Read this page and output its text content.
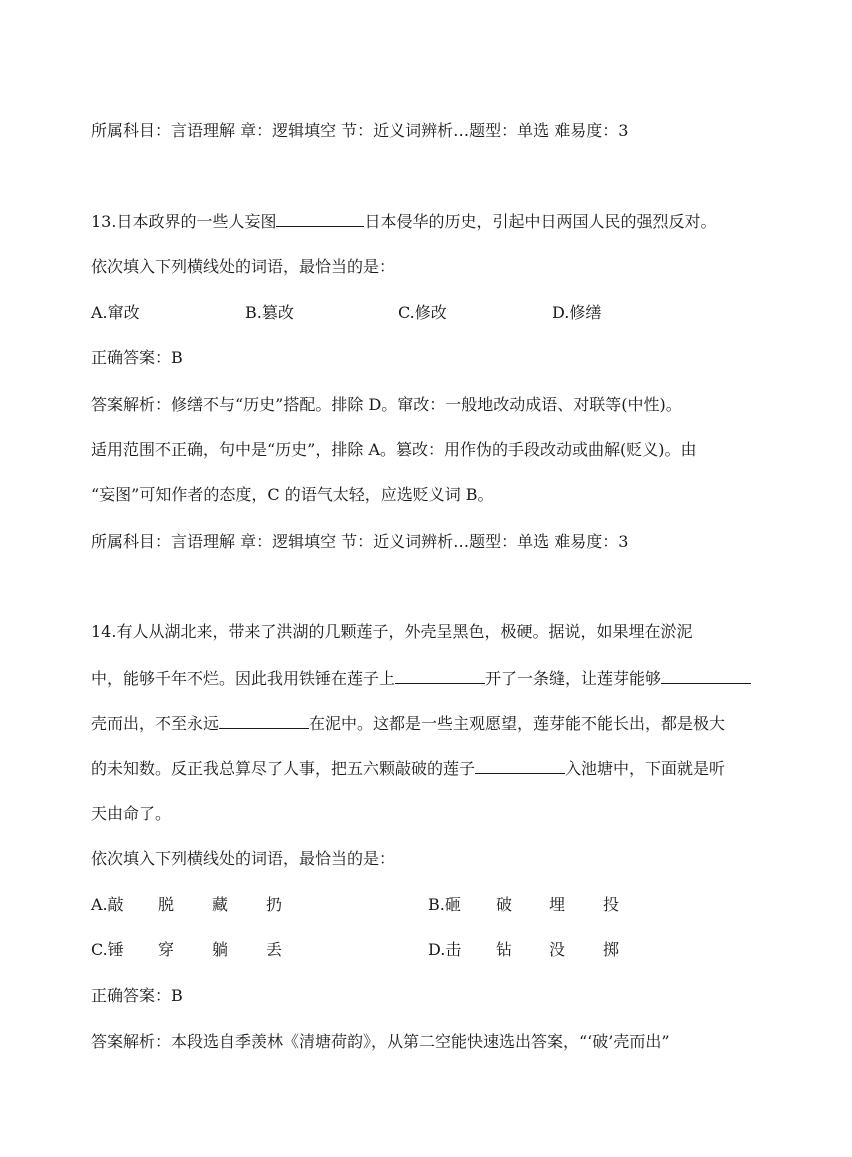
所属科目：言语理解 章：逻辑填空 节：近义词辨析…题型：单选 难易度：3
13.日本政界的一些人妄图	日本侵华的历史，引起中日两国人民的强烈反对。
依次填入下列横线处的词语，最恰当的是：
A.窜改	B.篡改	C.修改	D.修缮
正确答案：B
答案解析：修缮不与“历史”搭配。排除 D。窜改：一般地改动成语、对联等(中性)。
适用范围不正确，句中是“历史”，排除 A。篡改：用作伪的手段改动或曲解(贬义)。由
“妄图”可知作者的态度，C 的语气太轻，应选贬义词 B。
所属科目：言语理解 章：逻辑填空 节：近义词辨析…题型：单选 难易度：3
14.有人从湖北来，带来了洪湖的几颗莲子，外壳呈黑色，极硬。据说，如果埋在淤泥
中，能够千年不烂。因此我用铁锤在莲子上	开了一条缝，让莲芽能够
壳而出，不至永远	在泥中。这都是一些主观愿望，莲芽能不能长出，都是极大
的未知数。反正我总算尽了人事，把五六颗敲破的莲子	入池塘中，下面就是听
天由命了。
依次填入下列横线处的词语，最恰当的是：
A.敲 脱 藏 扔	B.砸 破 埋 投
C.锤 穿 躺 丢	D.击 钻 没 掷
正确答案：B
答案解析：本段选自季羡林《清塘荷韵》，从第二空能快速选出答案，“‘破’壳而出”
